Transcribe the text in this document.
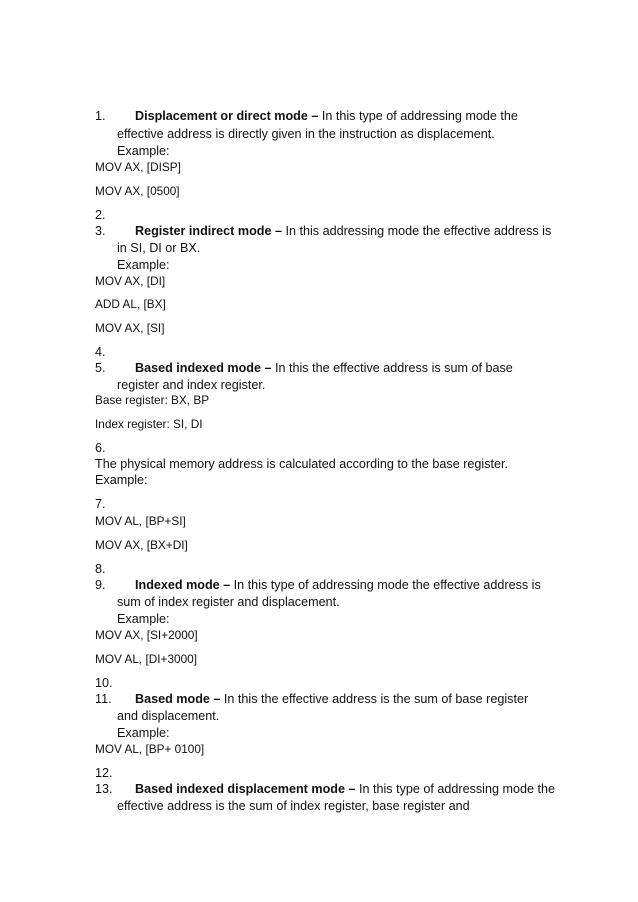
1. Displacement or direct mode – In this type of addressing mode the
effective address is directly given in the instruction as displacement.
Example:
MOV AX, [DISP]
MOV AX, [0500]
2.
3. Register indirect mode – In this addressing mode the effective address is
in SI, DI or BX.
Example:
MOV AX, [DI]
ADD AL, [BX]
MOV AX, [SI]
4.
5. Based indexed mode – In this the effective address is sum of base
register and index register.
Base register: BX, BP
Index register: SI, DI
6.
The physical memory address is calculated according to the base register.
Example:
7.
MOV AL, [BP+SI]
MOV AX, [BX+DI]
8.
9. Indexed mode – In this type of addressing mode the effective address is
sum of index register and displacement.
Example:
MOV AX, [SI+2000]
MOV AL, [DI+3000]
10.
11. Based mode – In this the effective address is the sum of base register
and displacement.
Example:
MOV AL, [BP+ 0100]
12.
13. Based indexed displacement mode – In this type of addressing mode the
effective address is the sum of index register, base register and
